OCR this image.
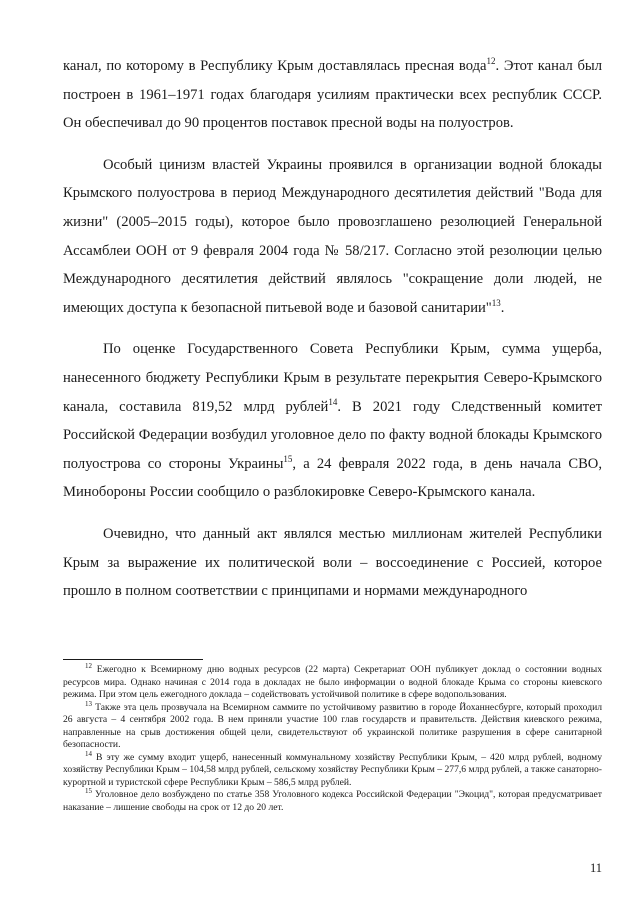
канал, по которому в Республику Крым доставлялась пресная вода$^{12}$. Этот канал был построен в 1961–1971 годах благодаря усилиям практически всех республик СССР. Он обеспечивал до 90 процентов поставок пресной воды на полуостров.

Особый цинизм властей Украины проявился в организации водной блокады Крымского полуострова в период Международного десятилетия действий "Вода для жизни" (2005–2015 годы), которое было провозглашено резолюцией Генеральной Ассамблеи ООН от 9 февраля 2004 года № 58/217. Согласно этой резолюции целью Международного десятилетия действий являлось "сокращение доли людей, не имеющих доступа к безопасной питьевой воде и базовой санитарии"$^{13}$.

По оценке Государственного Совета Республики Крым, сумма ущерба, нанесенного бюджету Республики Крым в результате перекрытия Северо-Крымского канала, составила 819,52 млрд рублей$^{14}$. В 2021 году Следственный комитет Российской Федерации возбудил уголовное дело по факту водной блокады Крымского полуострова со стороны Украины$^{15}$, а 24 февраля 2022 года, в день начала СВО, Минобороны России сообщило о разблокировке Северо-Крымского канала.

Очевидно, что данный акт являлся местью миллионам жителей Республики Крым за выражение их политической воли – воссоединение с Россией, которое прошло в полном соответствии с принципами и нормами международного

$^{12}$ Ежегодно к Всемирному дню водных ресурсов (22 марта) Секретариат ООН публикует доклад о состоянии водных ресурсов мира. Однако начиная с 2014 года в докладах не было информации о водной блокаде Крыма со стороны киевского режима. При этом цель ежегодного доклада – содействовать устойчивой политике в сфере водопользования.

$^{13}$ Также эта цель прозвучала на Всемирном саммите по устойчивому развитию в городе Йоханнесбурге, который проходил 26 августа – 4 сентября 2002 года. В нем приняли участие 100 глав государств и правительств. Действия киевского режима, направленные на срыв достижения общей цели, свидетельствуют об украинской политике разрушения в сфере санитарной безопасности.

$^{14}$ В эту же сумму входит ущерб, нанесенный коммунальному хозяйству Республики Крым, – 420 млрд рублей, водному хозяйству Республики Крым – 104,58 млрд рублей, сельскому хозяйству Республики Крым – 277,6 млрд рублей, а также санаторно-курортной и туристской сфере Республики Крым – 586,5 млрд рублей.

$^{15}$ Уголовное дело возбуждено по статье 358 Уголовного кодекса Российской Федерации "Экоцид", которая предусматривает наказание – лишение свободы на срок от 12 до 20 лет.

11
